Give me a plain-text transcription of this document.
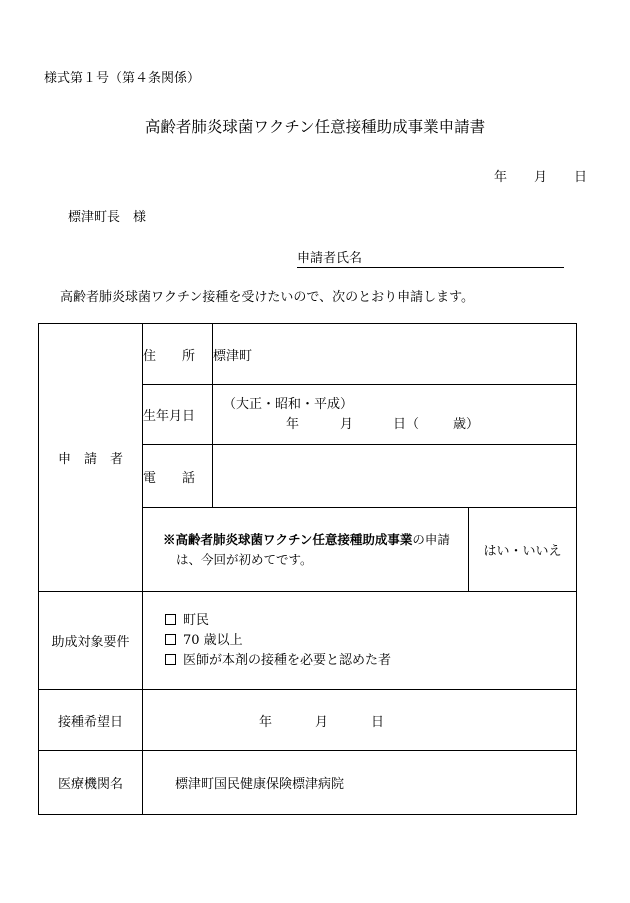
様式第１号（第４条関係）
高齢者肺炎球菌ワクチン任意接種助成事業申請書
年 月 日
標津町長　様
申請者氏名
高齢者肺炎球菌ワクチン接種を受けたいので、次のとおり申請します。
申　請　者	住　　所	標津町	
	生年月日	（大正・昭和・平成）
年 月 日（ 歳）	

	電　　話		

	※高齢者肺炎球菌ワクチン任意接種助成事業の申請
は、今回が初めてです。		はい・いいえ
助成対象要件	町民
70 歳以上
医師が本剤の接種を必要と認めた者		

接種希望日	年 月 日		
医療機関名	標津町国民健康保険標津病院		
